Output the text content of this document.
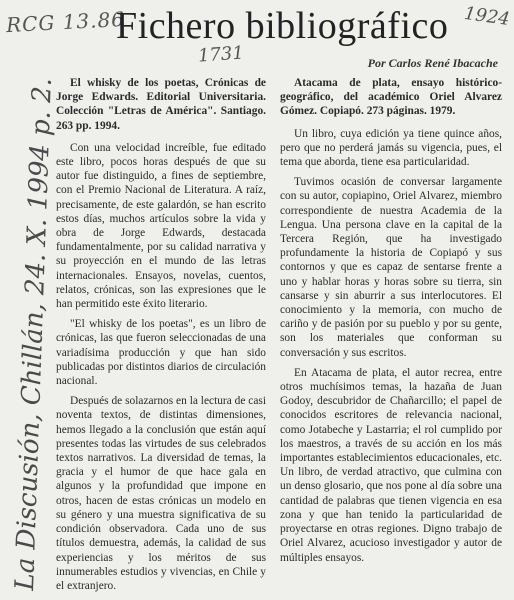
RCG 13.86	1924
1731
La Discusión, Chillán, 24. X. 1994 p. 2.
Fichero bibliográfico
Por Carlos René Ibacache

El whisky de los poetas, Crónicas de Jorge Edwards. Editorial Universitaria. Colección "Letras de América". Santiago. 263 pp. 1994.

Con una velocidad increíble, fue editado este libro, pocos horas después de que su autor fue distinguido, a fines de septiembre, con el Premio Nacional de Literatura. A raíz, precisamente, de este galardón, se han escrito estos días, muchos artículos sobre la vida y obra de Jorge Edwards, destacada fundamentalmente, por su calidad narrativa y su proyección en el mundo de las letras internacionales. Ensayos, novelas, cuentos, relatos, crónicas, son las expresiones que le han permitido este éxito literario.

"El whisky de los poetas", es un libro de crónicas, las que fueron seleccionadas de una variadísima producción y que han sido publicadas por distintos diarios de circulación nacional.

Después de solazarnos en la lectura de casi noventa textos, de distintas dimensiones, hemos llegado a la conclusión que están aquí presentes todas las virtudes de sus celebrados textos narrativos. La diversidad de temas, la gracia y el humor de que hace gala en algunos y la profundidad que impone en otros, hacen de estas crónicas un modelo en su género y una muestra significativa de su condición observadora. Cada uno de sus títulos demuestra, además, la calidad de sus experiencias y los méritos de sus innumerables estudios y vivencias, en Chile y el extranjero.

Atacama de plata, ensayo histórico-geográfico, del académico Oriel Alvarez Gómez. Copiapó. 273 páginas. 1979.

Un libro, cuya edición ya tiene quince años, pero que no perderá jamás su vigencia, pues, el tema que aborda, tiene esa particularidad.

Tuvimos ocasión de conversar largamente con su autor, copiapino, Oriel Alvarez, miembro correspondiente de nuestra Academia de la Lengua. Una persona clave en la capital de la Tercera Región, que ha investigado profundamente la historia de Copiapó y sus contornos y que es capaz de sentarse frente a uno y hablar horas y horas sobre su tierra, sin cansarse y sin aburrir a sus interlocutores. El conocimiento y la memoria, con mucho de cariño y de pasión por su pueblo y por su gente, son los materiales que conforman su conversación y sus escritos.

En Atacama de plata, el autor recrea, entre otros muchísimos temas, la hazaña de Juan Godoy, descubridor de Chañarcillo; el papel de conocidos escritores de relevancia nacional, como Jotabeche y Lastarria; el rol cumplido por los maestros, a través de su acción en los más importantes establecimientos educacionales, etc. Un libro, de verdad atractivo, que culmina con un denso glosario, que nos pone al día sobre una cantidad de palabras que tienen vigencia en esa zona y que han tenido la particularidad de proyectarse en otras regiones. Digno trabajo de Oriel Alvarez, acucioso investigador y autor de múltiples ensayos.
